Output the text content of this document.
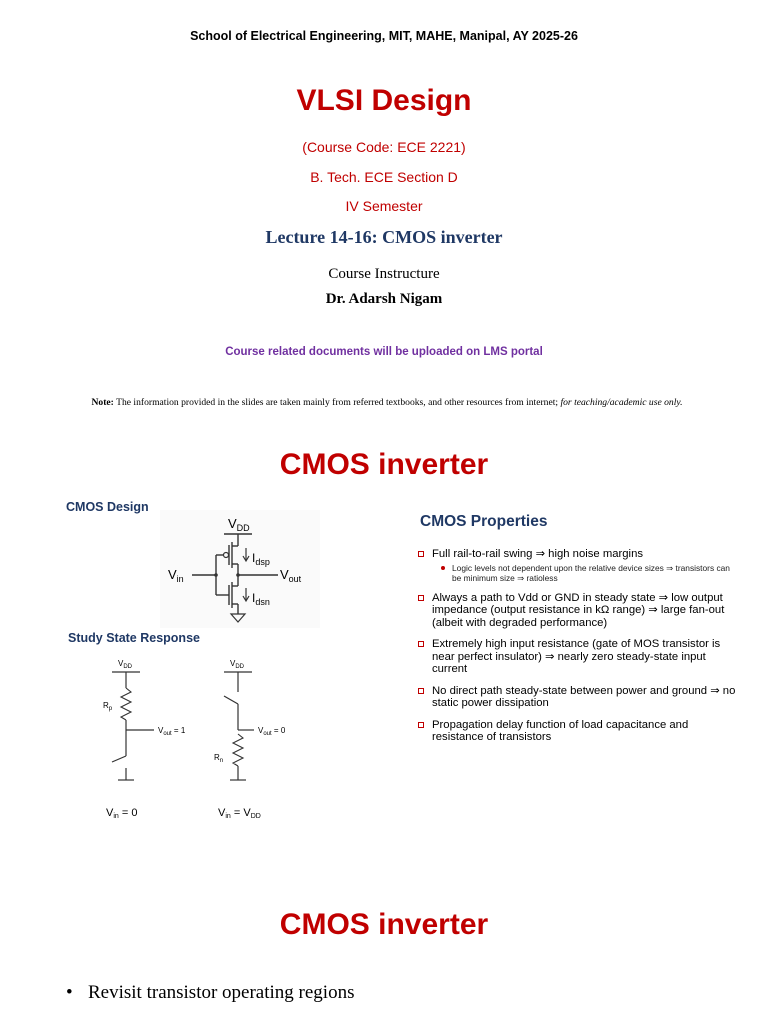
School of Electrical Engineering, MIT, MAHE, Manipal, AY 2025-26
VLSI Design
(Course Code: ECE 2221)
B. Tech. ECE Section D
IV Semester
Lecture 14-16: CMOS inverter
Course Instructure
Dr. Adarsh Nigam
Course related documents will be uploaded on LMS portal
Note: The information provided in the slides are taken mainly from referred textbooks, and other resources from internet; for teaching/academic use only.
CMOS inverter
CMOS Design
$V_{DD}$
$V_{in}$	$V_{out}$
$I_{dsp}$
$I_{dsn}$
Study State Response
$V_{DD}$
$R_p$
$V_{out} = 1$
Vin = 0
$V_{DD}$
$V_{out} = 0$
$R_n$
Vin = VDD
CMOS Properties
Full rail-to-rail swing ⇒ high noise margins
Logic levels not dependent upon the relative device sizes ⇒ transistors can be minimum size ⇒ ratioless
Always a path to Vdd or GND in steady state ⇒ low output impedance (output resistance in kΩ range) ⇒ large fan-out (albeit with degraded performance)
Extremely high input resistance (gate of MOS transistor is near perfect insulator) ⇒ nearly zero steady-state input current
No direct path steady-state between power and ground ⇒ no static power dissipation
Propagation delay function of load capacitance and resistance of transistors
CMOS inverter
• Revisit transistor operating regions
